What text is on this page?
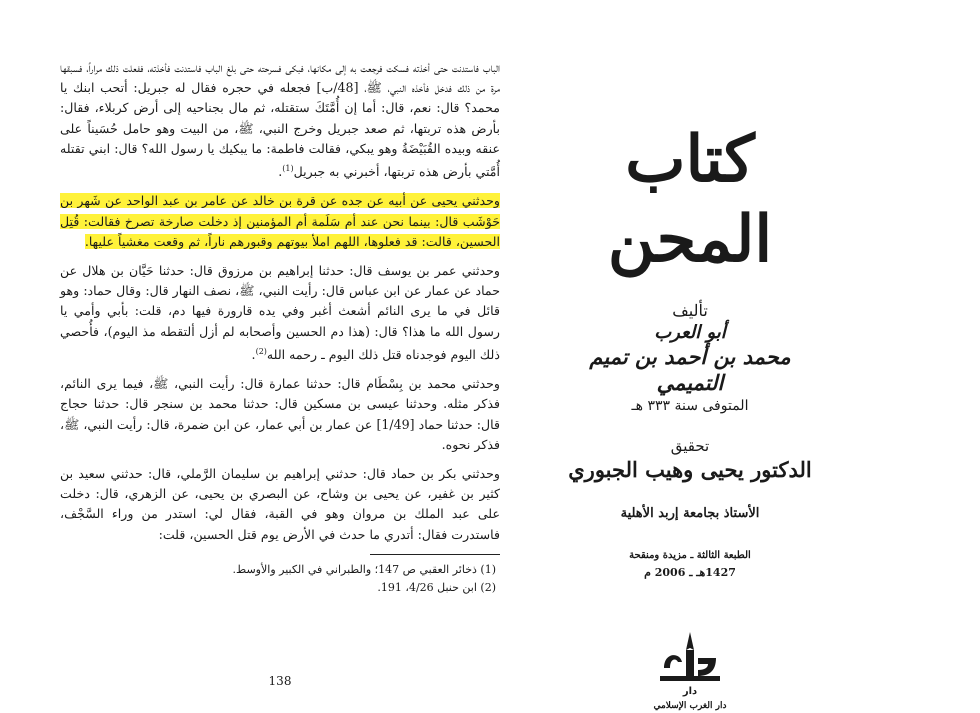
الباب فاستدنت حتى أخذته فسكت فرجعت به إلى مكانها، فبكى فسرحته حتى بلغ الباب فاستدنت فأخذته، ففعلت ذلك مراراً، فسبقها مرة من ذلك فدخل فأخذه النبي، ﷺ، [48/ب] فجعله في حجره فقال له جبريل: أتحب ابنك يا محمد؟ قال: نعم، قال: أما إن أُمَّتَكَ ستقتله، ثم مال بجناحيه إلى أرض كربلاء، فقال: بأرض هذه تربتها، ثم صعد جبريل وخرج النبي، ﷺ، من البيت وهو حامل حُسَيناً على عنقه وبيده القُبَيْضَةُ وهو يبكي، فقالت فاطمة: ما يبكيك يا رسول الله؟ قال: ابني تقتله أُمَّتي بأرض هذه تربتها، أخبرني به جبريل$^{(1)}$.

وحدثني يحيى عن أبيه عن جده عن قرة بن خالد عن عامر بن عبد الواحد عن شَهر بن حَوْشَب قال: بينما نحن عند أم سَلَمة أم المؤمنين إذ دخلت صارخة تصرخ فقالت: قُتِل الحسين، قالت: قد فعلوها، اللهم املأ بيوتهم وقبورهم ناراً، ثم وقعت مغشياً عليها.

وحدثني عمر بن يوسف قال: حدثنا إبراهيم بن مرزوق قال: حدثنا حَيَّان بن هلال عن حماد عن عمار عن ابن عباس قال: رأيت النبي، ﷺ، نصف النهار قال: وقال حماد: وهو قائل في ما يرى النائم أشعث أغبر وفي يده قارورة فيها دم، قلت: بأبي وأمي يا رسول الله ما هذا؟ قال: (هذا دم الحسين وأصحابه لم أزل ألتقطه مذ اليوم)، فأُحصي ذلك اليوم فوجدناه قتل ذلك اليوم ـ رحمه الله$^{(2)}$.

وحدثني محمد بن بِسْطَام قال: حدثنا عمارة قال: رأيت النبي، ﷺ، فيما يرى النائم، فذكر مثله. وحدثنا عيسى بن مسكين قال: حدثنا محمد بن سنجر قال: حدثنا حجاج قال: حدثنا حماد [1/49] عن عمار بن أبي عمار، عن ابن ضمرة، قال: رأيت النبي، ﷺ، فذكر نحوه.

وحدثني بكر بن حماد قال: حدثني إبراهيم بن سليمان الرَّملي، قال: حدثني سعيد بن كثير بن غفير، عن يحيى بن وشاح، عن البصري بن يحيى، عن الزهري، قال: دخلت على عبد الملك بن مروان وهو في القبة، فقال لي: استدر من وراء السَّجْف، فاستدرت فقال: أتدري ما حدث في الأرض يوم قتل الحسين، قلت:

(1) ذخائر العقبي ص 147؛ والطبراني في الكبير والأوسط.

(2) ابن حنبل 4/26، 191.

138
كتاب المحن
تأليف
أبو العرب
محمد بن أحمد بن تميم التميمي
المتوفى سنة ٣٣٣ هـ
تحقيق
الدكتور يحيى وهيب الجبوري
الأستاذ بجامعة إربد الأهلية
الطبعة الثالثة ـ مزيدة ومنقحة
1427هـ ـ 2006 م
دار
دار الغرب الإسلامي
